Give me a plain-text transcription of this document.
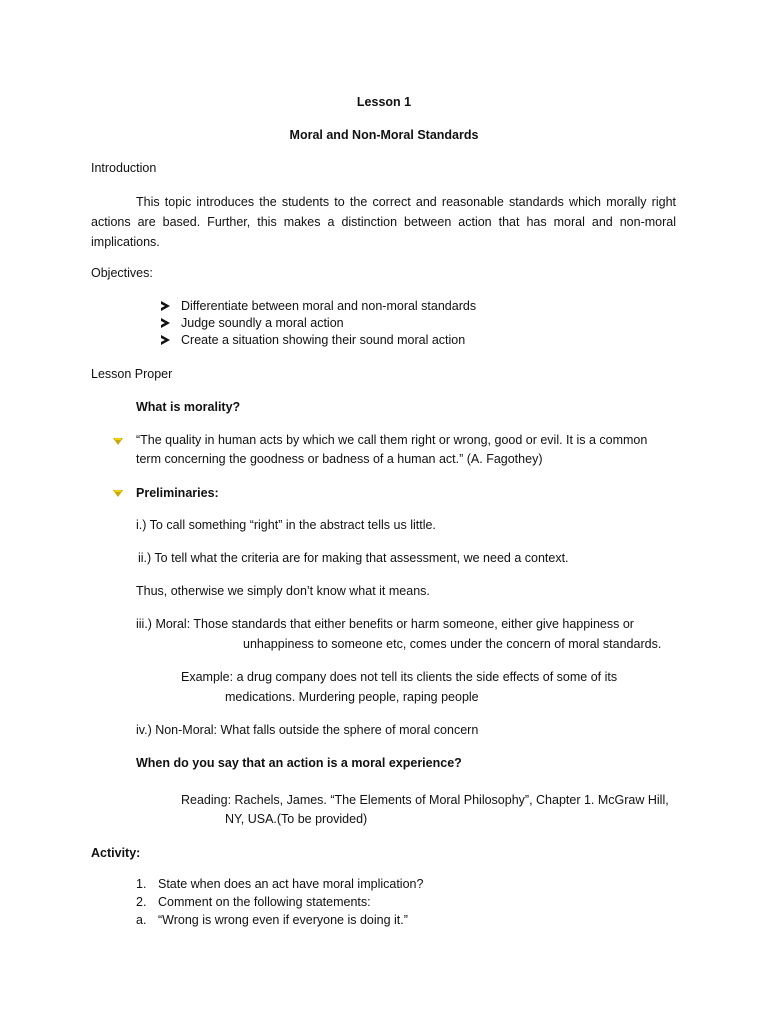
Lesson 1
Moral and Non-Moral Standards
Introduction
This topic introduces the students to the correct and reasonable standards which morally right actions are based. Further, this makes a distinction between action that has moral and non-moral implications.
Objectives:
Differentiate between moral and non-moral standards
Judge soundly a moral action
Create a situation showing their sound moral action
Lesson Proper
What is morality?
“The quality in human acts by which we call them right or wrong, good or evil. It is a common
term concerning the goodness or badness of a human act.” (A. Fagothey)
Preliminaries:
i.) To call something “right” in the abstract tells us little.
ii.) To tell what the criteria are for making that assessment, we need a context.
Thus, otherwise we simply don’t know what it means.
iii.) Moral: Those standards that either benefits or harm someone, either give happiness or
unhappiness to someone etc, comes under the concern of moral standards.
Example: a drug company does not tell its clients the side effects of some of its
medications. Murdering people, raping people
iv.) Non-Moral: What falls outside the sphere of moral concern
When do you say that an action is a moral experience?
Reading: Rachels, James. “The Elements of Moral Philosophy”, Chapter 1. McGraw Hill,
NY, USA.(To be provided)
Activity:
1. State when does an act have moral implication?
2. Comment on the following statements:
a. “Wrong is wrong even if everyone is doing it.”
